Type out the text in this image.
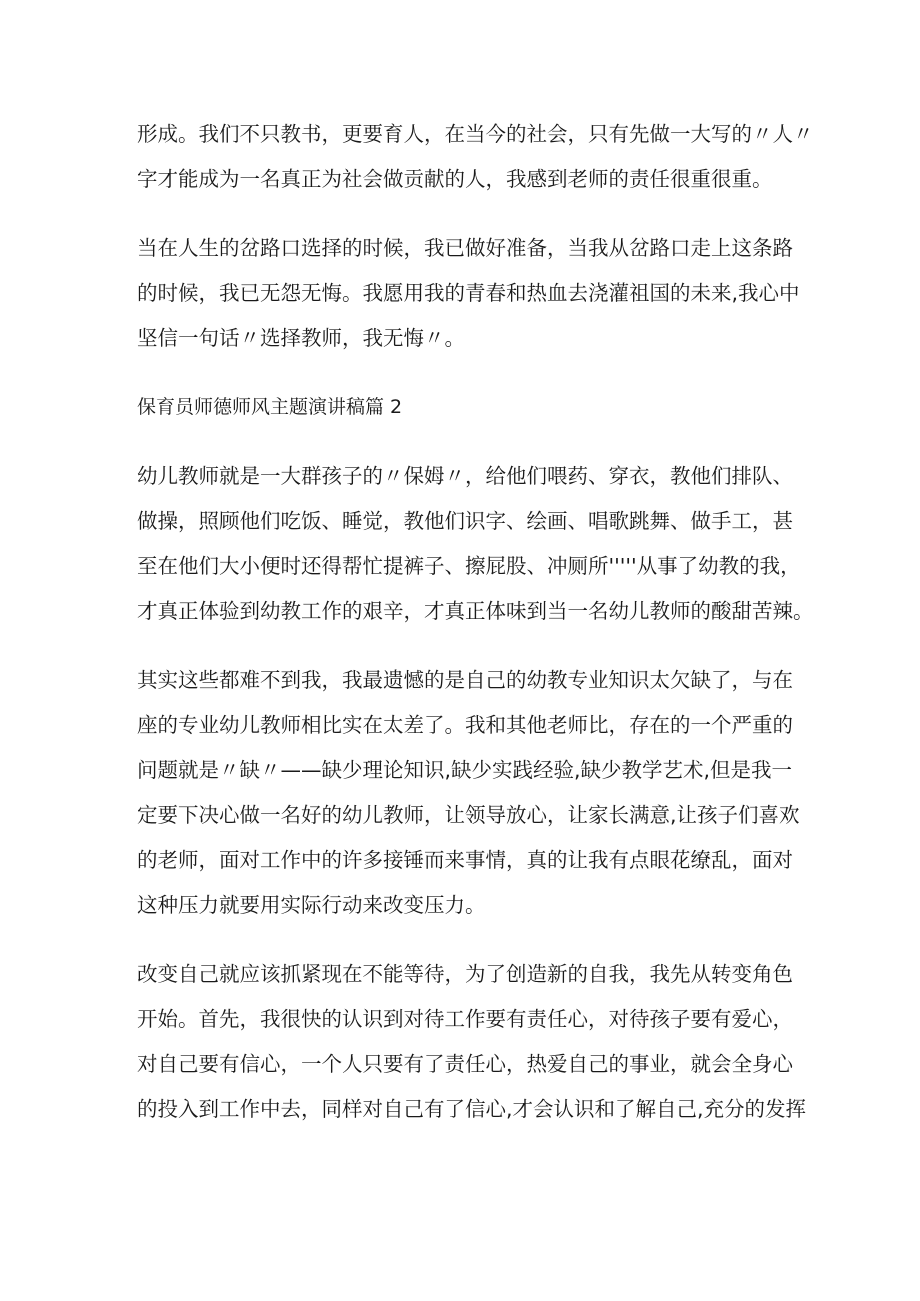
形成。我们不只教书，更要育人，在当今的社会，只有先做一大写的〃人〃
字才能成为一名真正为社会做贡献的人，我感到老师的责任很重很重。
当在人生的岔路口选择的时候，我已做好准备，当我从岔路口走上这条路
的时候，我已无怨无悔。我愿用我的青春和热血去浇灌祖国的未来,我心中
坚信一句话〃选择教师，我无悔〃。
保育员师德师风主题演讲稿篇 2
幼儿教师就是一大群孩子的〃保姆〃，给他们喂药、穿衣，教他们排队、
做操，照顾他们吃饭、睡觉，教他们识字、绘画、唱歌跳舞、做手工，甚
至在他们大小便时还得帮忙提裤子、擦屁股、冲厕所'''''从事了幼教的我，
才真正体验到幼教工作的艰辛，才真正体味到当一名幼儿教师的酸甜苦辣。
其实这些都难不到我，我最遗憾的是自己的幼教专业知识太欠缺了，与在
座的专业幼儿教师相比实在太差了。我和其他老师比，存在的一个严重的
问题就是〃缺〃——缺少理论知识,缺少实践经验,缺少教学艺术,但是我一
定要下决心做一名好的幼儿教师，让领导放心，让家长满意,让孩子们喜欢
的老师，面对工作中的许多接锤而来事情，真的让我有点眼花缭乱，面对
这种压力就要用实际行动来改变压力。
改变自己就应该抓紧现在不能等待，为了创造新的自我，我先从转变角色
开始。首先，我很快的认识到对待工作要有责任心，对待孩子要有爱心，
对自己要有信心，一个人只要有了责任心，热爱自己的事业，就会全身心
的投入到工作中去，同样对自己有了信心,才会认识和了解自己,充分的发挥
